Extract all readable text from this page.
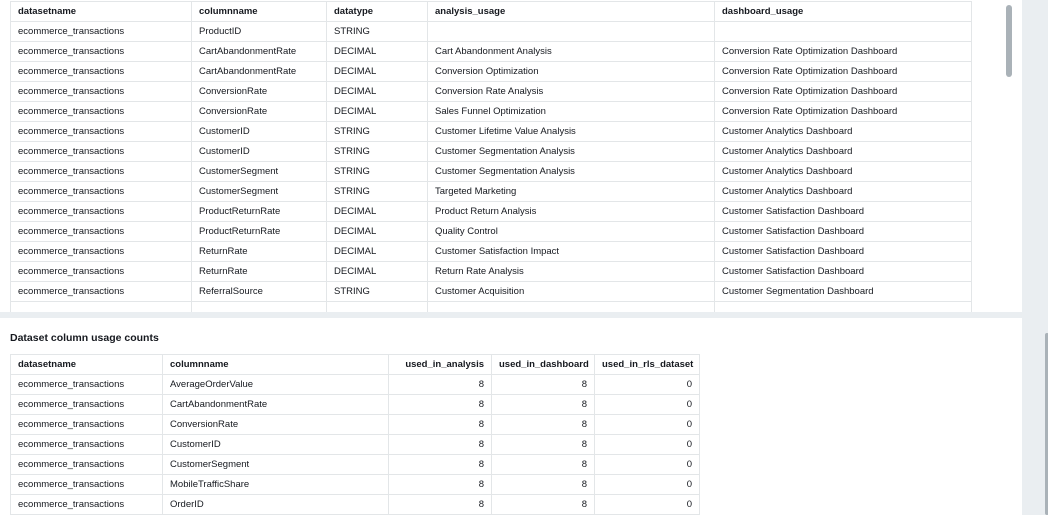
datasetname	columnname	datatype	analysis_usage	dashboard_usage
ecommerce_transactions	ProductID	STRING		
ecommerce_transactions	CartAbandonmentRate	DECIMAL	Cart Abandonment Analysis	Conversion Rate Optimization Dashboard
ecommerce_transactions	CartAbandonmentRate	DECIMAL	Conversion Optimization	Conversion Rate Optimization Dashboard
ecommerce_transactions	ConversionRate	DECIMAL	Conversion Rate Analysis	Conversion Rate Optimization Dashboard
ecommerce_transactions	ConversionRate	DECIMAL	Sales Funnel Optimization	Conversion Rate Optimization Dashboard
ecommerce_transactions	CustomerID	STRING	Customer Lifetime Value Analysis	Customer Analytics Dashboard
ecommerce_transactions	CustomerID	STRING	Customer Segmentation Analysis	Customer Analytics Dashboard
ecommerce_transactions	CustomerSegment	STRING	Customer Segmentation Analysis	Customer Analytics Dashboard
ecommerce_transactions	CustomerSegment	STRING	Targeted Marketing	Customer Analytics Dashboard
ecommerce_transactions	ProductReturnRate	DECIMAL	Product Return Analysis	Customer Satisfaction Dashboard
ecommerce_transactions	ProductReturnRate	DECIMAL	Quality Control	Customer Satisfaction Dashboard
ecommerce_transactions	ReturnRate	DECIMAL	Customer Satisfaction Impact	Customer Satisfaction Dashboard
ecommerce_transactions	ReturnRate	DECIMAL	Return Rate Analysis	Customer Satisfaction Dashboard
ecommerce_transactions	ReferralSource	STRING	Customer Acquisition	Customer Segmentation Dashboard

Dataset column usage counts
datasetname	columnname	used_in_analysis	used_in_dashboard	used_in_rls_dataset
ecommerce_transactions	AverageOrderValue	8	8	0
ecommerce_transactions	CartAbandonmentRate	8	8	0
ecommerce_transactions	ConversionRate	8	8	0
ecommerce_transactions	CustomerID	8	8	0
ecommerce_transactions	CustomerSegment	8	8	0
ecommerce_transactions	MobileTrafficShare	8	8	0
ecommerce_transactions	OrderID	8	8	0
